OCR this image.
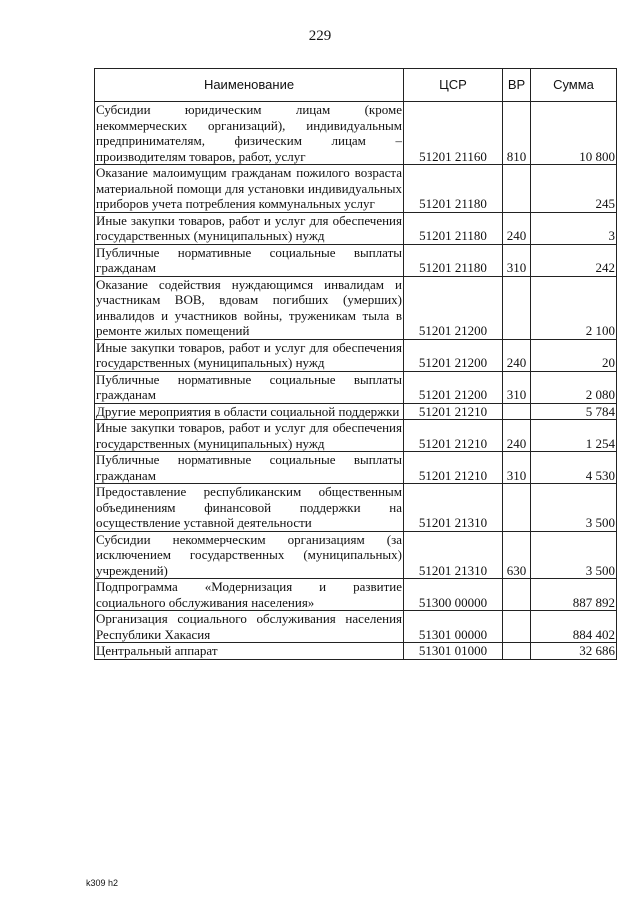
229
Наименование	ЦСР	ВР	Сумма
Субсидии юридическим лицам (кроме некоммерческих организаций), индивидуальным предпринимателям, физическим лицам – производителям товаров, работ, услуг	51201 21160	810	10 800
Оказание малоимущим гражданам пожилого возраста материальной помощи для установки индивидуальных приборов учета потребления коммунальных услуг	51201 21180		245
Иные закупки товаров, работ и услуг для обеспечения государственных (муниципальных) нужд	51201 21180	240	3
Публичные нормативные социальные выплаты гражданам	51201 21180	310	242
Оказание содействия нуждающимся инвалидам и участникам ВОВ, вдовам погибших (умерших) инвалидов и участников войны, труженикам тыла в ремонте жилых помещений	51201 21200		2 100
Иные закупки товаров, работ и услуг для обеспечения государственных (муниципальных) нужд	51201 21200	240	20
Публичные нормативные социальные выплаты гражданам	51201 21200	310	2 080
Другие мероприятия в области социальной поддержки	51201 21210		5 784
Иные закупки товаров, работ и услуг для обеспечения государственных (муниципальных) нужд	51201 21210	240	1 254
Публичные нормативные социальные выплаты гражданам	51201 21210	310	4 530
Предоставление республиканским общественным объединениям финансовой поддержки на осуществление уставной деятельности	51201 21310		3 500
Субсидии некоммерческим организациям (за исключением государственных (муниципальных) учреждений)	51201 21310	630	3 500
Подпрограмма «Модернизация и развитие социального обслуживания населения»	51300 00000		887 892
Организация социального обслуживания населения Республики Хакасия	51301 00000		884 402
Центральный аппарат	51301 01000		32 686
k309 h2
